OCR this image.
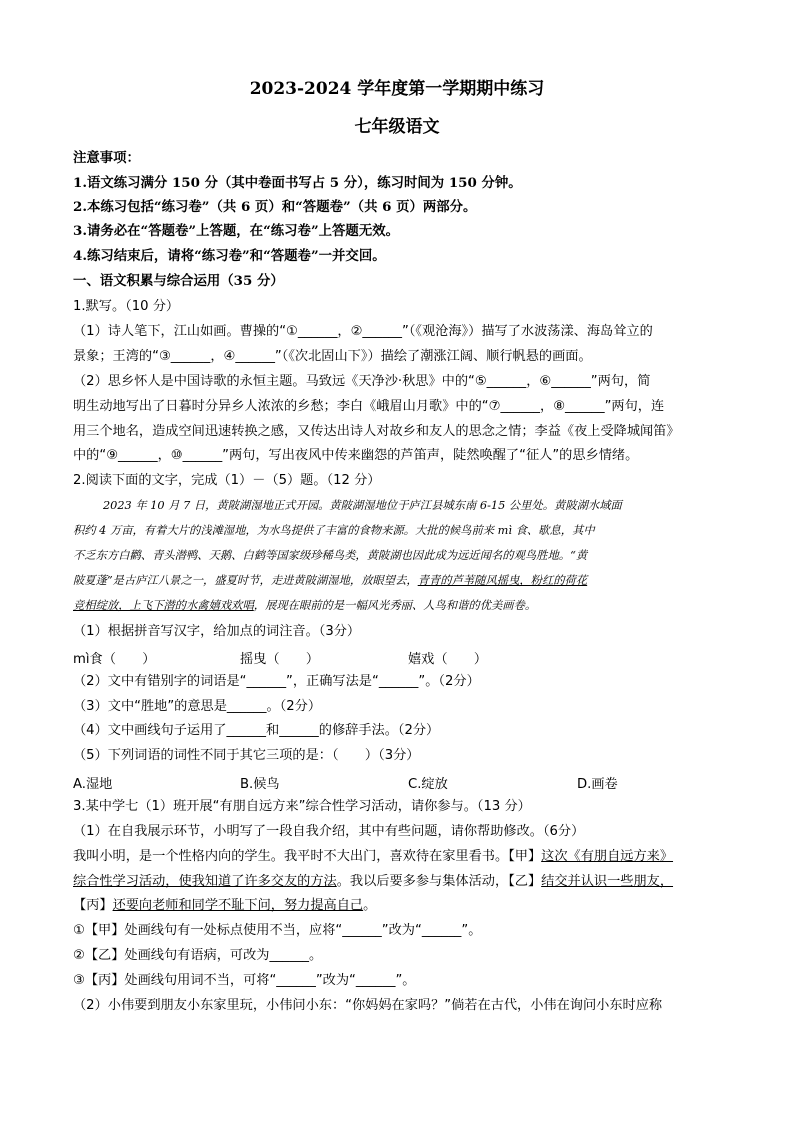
2023-2024 学年度第一学期期中练习
七年级语文
注意事项：
1.语文练习满分 150 分（其中卷面书写占 5 分），练习时间为 150 分钟。
2.本练习包括“练习卷”（共 6 页）和“答题卷”（共 6 页）两部分。
3.请务必在“答题卷”上答题，在“练习卷”上答题无效。
4.练习结束后，请将“练习卷”和“答题卷”一并交回。
一、语文积累与综合运用（35 分）
1.默写。（10 分）
（1）诗人笔下，江山如画。曹操的“①______，②______”（《观沧海》）描写了水波荡漾、海岛耸立的
景象；王湾的“③______，④______”（《次北固山下》）描绘了潮涨江阔、顺行帆悬的画面。
（2）思乡怀人是中国诗歌的永恒主题。马致远《天净沙·秋思》中的“⑤______，⑥______”两句，简
明生动地写出了日暮时分异乡人浓浓的乡愁；李白《峨眉山月歌》中的“⑦______，⑧______”两句，连
用三个地名，造成空间迅速转换之感，又传达出诗人对故乡和友人的思念之情；李益《夜上受降城闻笛》
中的“⑨______，⑩______”两句，写出夜风中传来幽怨的芦笛声，陡然唤醒了“征人”的思乡情绪。
2.阅读下面的文字，完成（1）－（5）题。（12 分）
2023 年 10 月 7 日，黄陂湖湿地正式开园。黄陂湖湿地位于庐江县城东南 6-15 公里处。黄陂湖水域面
积约 4 万亩，有着大片的浅滩湿地，为水鸟提供了丰富的食物来源。大批的候鸟前来 mì 食、歇息，其中
不乏东方白鹳、青头潜鸭、天鹅、白鹤等国家级珍稀鸟类，黄陂湖也因此成为远近闻名的观鸟胜地。“黄
陂夏蓬”是古庐江八景之一，盛夏时节，走进黄陂湖湿地，放眼望去，青青的芦苇随风摇曳，粉红的荷花
竞相绽放，上飞下潜的水禽嬉戏欢唱，展现在眼前的是一幅风光秀丽、人鸟和谐的优美画卷。
（1）根据拼音写汉字，给加点的词注音。（3分）
mì食（　　）	摇曳（　　）	嬉戏（　　）
（2）文中有错别字的词语是“______”，正确写法是“______”。（2分）
（3）文中“胜地”的意思是______。（2分）
（4）文中画线句子运用了______和______的修辞手法。（2分）
（5）下列词语的词性不同于其它三项的是：（　　）（3分）
A.湿地	B.候鸟	C.绽放	D.画卷
3.某中学七（1）班开展“有朋自远方来”综合性学习活动，请你参与。（13 分）
（1）在自我展示环节，小明写了一段自我介绍，其中有些问题，请你帮助修改。（6分）
我叫小明，是一个性格内向的学生。我平时不大出门，喜欢待在家里看书。【甲】这次《有朋自远方来》
综合性学习活动，使我知道了许多交友的方法。我以后要多参与集体活动，【乙】结交并认识一些朋友，
【丙】还要向老师和同学不耻下问，努力提高自己。
①【甲】处画线句有一处标点使用不当，应将“______”改为“______”。
②【乙】处画线句有语病，可改为______。
③【丙】处画线句用词不当，可将“______”改为“______”。
（2）小伟要到朋友小东家里玩，小伟问小东：“你妈妈在家吗？”倘若在古代，小伟在询问小东时应称
